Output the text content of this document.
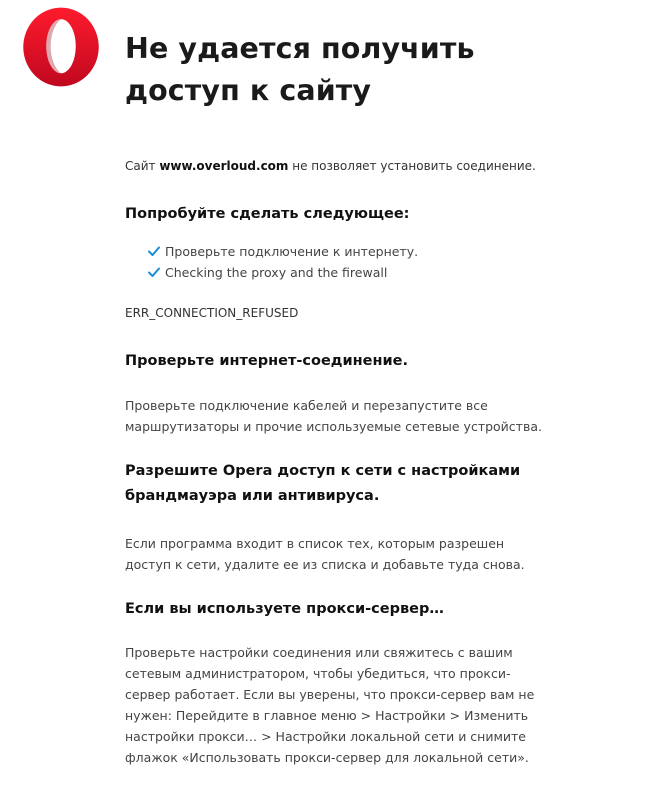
Не удается получить доступ к сайту

Сайт www.overloud.com не позволяет установить соединение.

Попробуйте сделать следующее:
Проверьте подключение к интернету.
Checking the proxy and the firewall
ERR_CONNECTION_REFUSED
Проверьте интернет-соединение.

Проверьте подключение кабелей и перезапустите все маршрутизаторы и прочие используемые сетевые устройства.

Разрешите Opera доступ к сети с настройками брандмауэра или антивируса.

Если программа входит в список тех, которым разрешен доступ к сети, удалите ее из списка и добавьте туда снова.

Если вы используете прокси-сервер…

Проверьте настройки соединения или свяжитесь с вашим сетевым администратором, чтобы убедиться, что прокси-сервер работает. Если вы уверены, что прокси-сервер вам не нужен: Перейдите в главное меню > Настройки > Изменить настройки прокси… > Настройки локальной сети и снимите флажок «Использовать прокси-сервер для локальной сети».
